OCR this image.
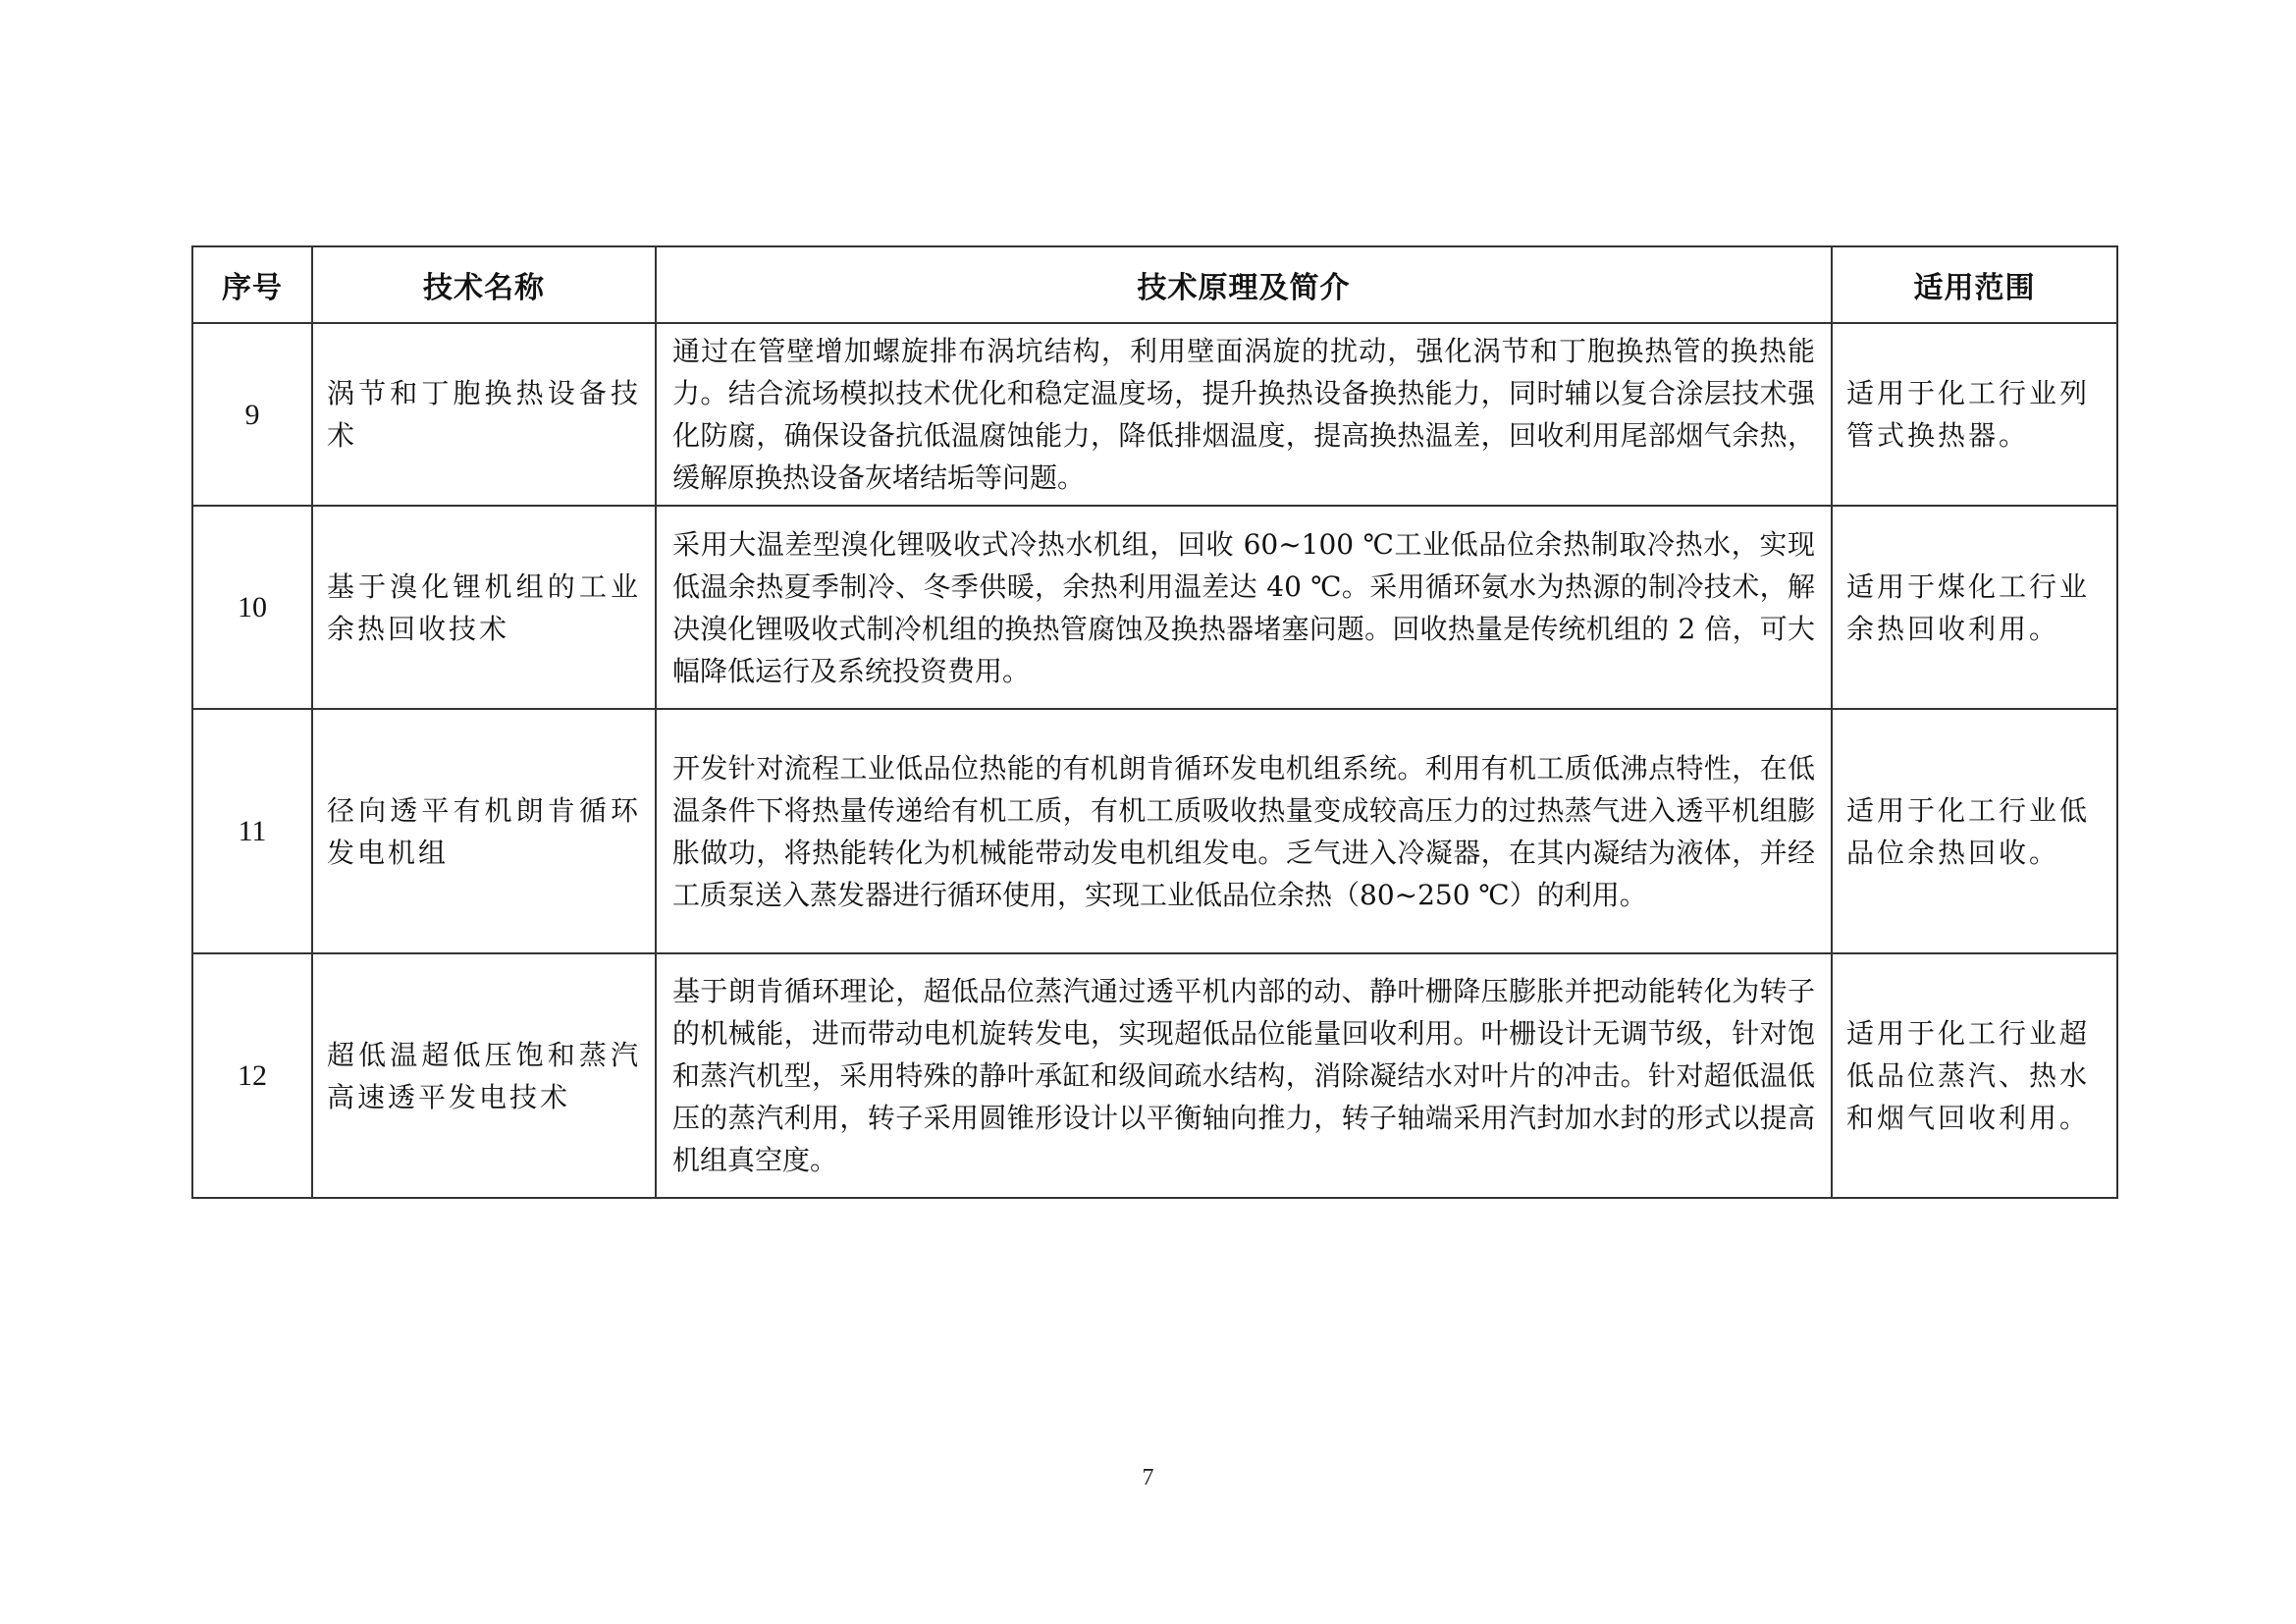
序号	技术名称	技术原理及简介	适用范围
9	涡节和丁胞换热设备技术	通过在管壁增加螺旋排布涡坑结构，利用壁面涡旋的扰动，强化涡节和丁胞换热管的换热能力。结合流场模拟技术优化和稳定温度场，提升换热设备换热能力，同时辅以复合涂层技术强化防腐，确保设备抗低温腐蚀能力，降低排烟温度，提高换热温差，回收利用尾部烟气余热，缓解原换热设备灰堵结垢等问题。	适用于化工行业列管式换热器。
10	基于溴化锂机组的工业余热回收技术	采用大温差型溴化锂吸收式冷热水机组，回收 60~100 ℃工业低品位余热制取冷热水，实现低温余热夏季制冷、冬季供暖，余热利用温差达 40 ℃。采用循环氨水为热源的制冷技术，解决溴化锂吸收式制冷机组的换热管腐蚀及换热器堵塞问题。回收热量是传统机组的 2 倍，可大幅降低运行及系统投资费用。	适用于煤化工行业余热回收利用。
11	径向透平有机朗肯循环发电机组	开发针对流程工业低品位热能的有机朗肯循环发电机组系统。利用有机工质低沸点特性，在低温条件下将热量传递给有机工质，有机工质吸收热量变成较高压力的过热蒸气进入透平机组膨胀做功，将热能转化为机械能带动发电机组发电。乏气进入冷凝器，在其内凝结为液体，并经工质泵送入蒸发器进行循环使用，实现工业低品位余热（80~250 ℃）的利用。	适用于化工行业低品位余热回收。
12	超低温超低压饱和蒸汽高速透平发电技术	基于朗肯循环理论，超低品位蒸汽通过透平机内部的动、静叶栅降压膨胀并把动能转化为转子的机械能，进而带动电机旋转发电，实现超低品位能量回收利用。叶栅设计无调节级，针对饱和蒸汽机型，采用特殊的静叶承缸和级间疏水结构，消除凝结水对叶片的冲击。针对超低温低压的蒸汽利用，转子采用圆锥形设计以平衡轴向推力，转子轴端采用汽封加水封的形式以提高机组真空度。	适用于化工行业超低品位蒸汽、热水和烟气回收利用。
7
